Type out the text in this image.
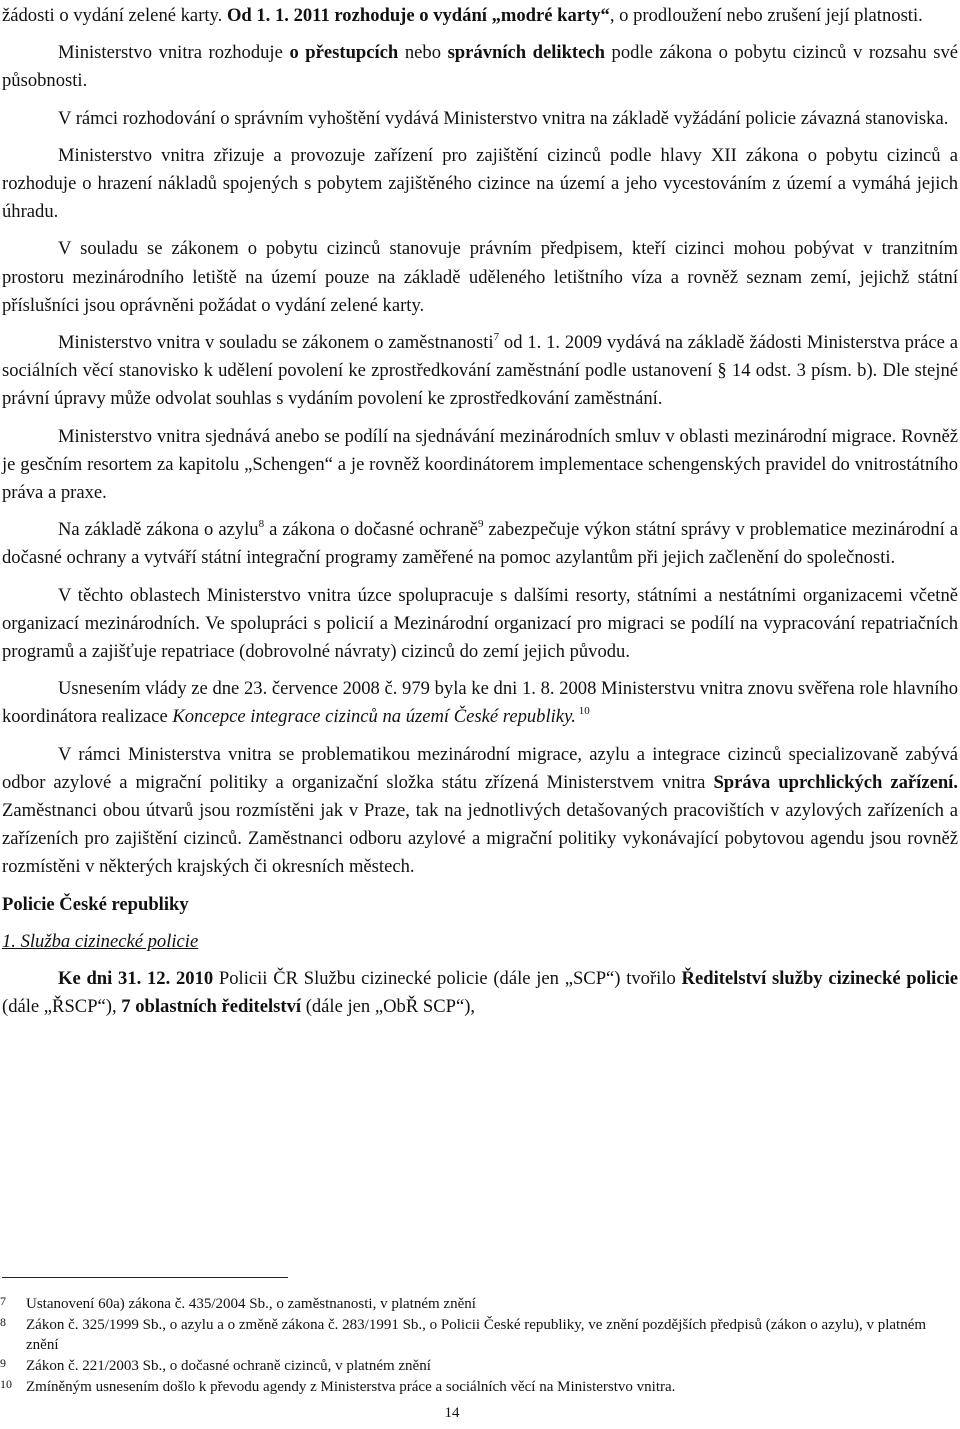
žádosti o vydání zelené karty. Od 1. 1. 2011 rozhoduje o vydání „modré karty“, o prodloužení nebo zrušení její platnosti.

Ministerstvo vnitra rozhoduje o přestupcích nebo správních deliktech podle zákona o pobytu cizinců v rozsahu své působnosti.

V rámci rozhodování o správním vyhoštění vydává Ministerstvo vnitra na základě vyžádání policie závazná stanoviska.

Ministerstvo vnitra zřizuje a provozuje zařízení pro zajištění cizinců podle hlavy XII zákona o pobytu cizinců a rozhoduje o hrazení nákladů spojených s pobytem zajištěného cizince na území a jeho vycestováním z území a vymáhá jejich úhradu.

V souladu se zákonem o pobytu cizinců stanovuje právním předpisem, kteří cizinci mohou pobývat v tranzitním prostoru mezinárodního letiště na území pouze na základě uděleného letištního víza a rovněž seznam zemí, jejichž státní příslušníci jsou oprávněni požádat o vydání zelené karty.

Ministerstvo vnitra v souladu se zákonem o zaměstnanosti$^7$ od 1. 1. 2009 vydává na základě žádosti Ministerstva práce a sociálních věcí stanovisko k udělení povolení ke zprostředkování zaměstnání podle ustanovení § 14 odst. 3 písm. b). Dle stejné právní úpravy může odvolat souhlas s vydáním povolení ke zprostředkování zaměstnání.

Ministerstvo vnitra sjednává anebo se podílí na sjednávání mezinárodních smluv v oblasti mezinárodní migrace. Rovněž je gesčním resortem za kapitolu „Schengen“ a je rovněž koordinátorem implementace schengenských pravidel do vnitrostátního práva a praxe.

Na základě zákona o azylu$^8$ a zákona o dočasné ochraně$^9$ zabezpečuje výkon státní správy v problematice mezinárodní a dočasné ochrany a vytváří státní integrační programy zaměřené na pomoc azylantům při jejich začlenění do společnosti.

V těchto oblastech Ministerstvo vnitra úzce spolupracuje s dalšími resorty, státními a nestátními organizacemi včetně organizací mezinárodních. Ve spolupráci s policií a Mezinárodní organizací pro migraci se podílí na vypracování repatriačních programů a zajišťuje repatriace (dobrovolné návraty) cizinců do zemí jejich původu.

Usnesením vlády ze dne 23. července 2008 č. 979 byla ke dni 1. 8. 2008 Ministerstvu vnitra znovu svěřena role hlavního koordinátora realizace Koncepce integrace cizinců na území České republiky. $^{10}$

V rámci Ministerstva vnitra se problematikou mezinárodní migrace, azylu a integrace cizinců specializovaně zabývá odbor azylové a migrační politiky a organizační složka státu zřízená Ministerstvem vnitra Správa uprchlických zařízení. Zaměstnanci obou útvarů jsou rozmístěni jak v Praze, tak na jednotlivých detašovaných pracovištích v azylových zařízeních a zařízeních pro zajištění cizinců. Zaměstnanci odboru azylové a migrační politiky vykonávající pobytovou agendu jsou rovněž rozmístěni v některých krajských či okresních městech.

Policie České republiky

1. Služba cizinecké policie

Ke dni 31. 12. 2010 Policii ČR Službu cizinecké policie (dále jen „SCP“) tvořilo Ředitelství služby cizinecké policie (dále „ŘSCP“), 7 oblastních ředitelství (dále jen „ObŘ SCP“),

7 Ustanovení 60a) zákona č. 435/2004 Sb., o zaměstnanosti, v platném znění
8 Zákon č. 325/1999 Sb., o azylu a o změně zákona č. 283/1991 Sb., o Policii České republiky, ve znění pozdějších předpisů (zákon o azylu), v platném znění
9 Zákon č. 221/2003 Sb., o dočasné ochraně cizinců, v platném znění
10 Zmíněným usnesením došlo k převodu agendy z Ministerstva práce a sociálních věcí na Ministerstvo vnitra.
14
